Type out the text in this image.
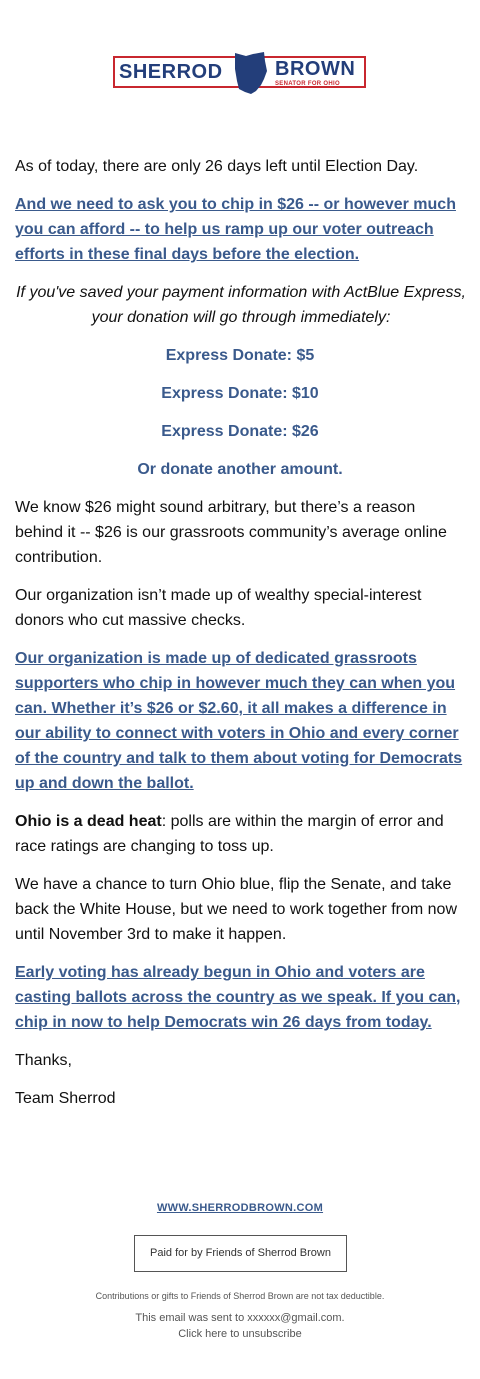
SHERROD	BROWN
SENATOR FOR OHIO

As of today, there are only 26 days left until Election Day.

And we need to ask you to chip in $26 -- or however much you can afford -- to help us ramp up our voter outreach efforts in these final days before the election.

If you've saved your payment information with ActBlue Express, your donation will go through immediately:

Express Donate: $5
Express Donate: $10
Express Donate: $26
Or donate another amount.

We know $26 might sound arbitrary, but there’s a reason behind it -- $26 is our grassroots community’s average online contribution.

Our organization isn’t made up of wealthy special-interest donors who cut massive checks.

Our organization is made up of dedicated grassroots supporters who chip in however much they can when you can. Whether it’s $26 or $2.60, it all makes a difference in our ability to connect with voters in Ohio and every corner of the country and talk to them about voting for Democrats up and down the ballot.

Ohio is a dead heat: polls are within the margin of error and race ratings are changing to toss up.

We have a chance to turn Ohio blue, flip the Senate, and take back the White House, but we need to work together from now until November 3rd to make it happen.

Early voting has already begun in Ohio and voters are casting ballots across the country as we speak. If you can, chip in now to help Democrats win 26 days from today.

Thanks,

Team Sherrod

WWW.SHERRODBROWN.COM
Paid for by Friends of Sherrod Brown
Contributions or gifts to Friends of Sherrod Brown are not tax deductible.
This email was sent to xxxxxx@gmail.com.
Click here to unsubscribe
